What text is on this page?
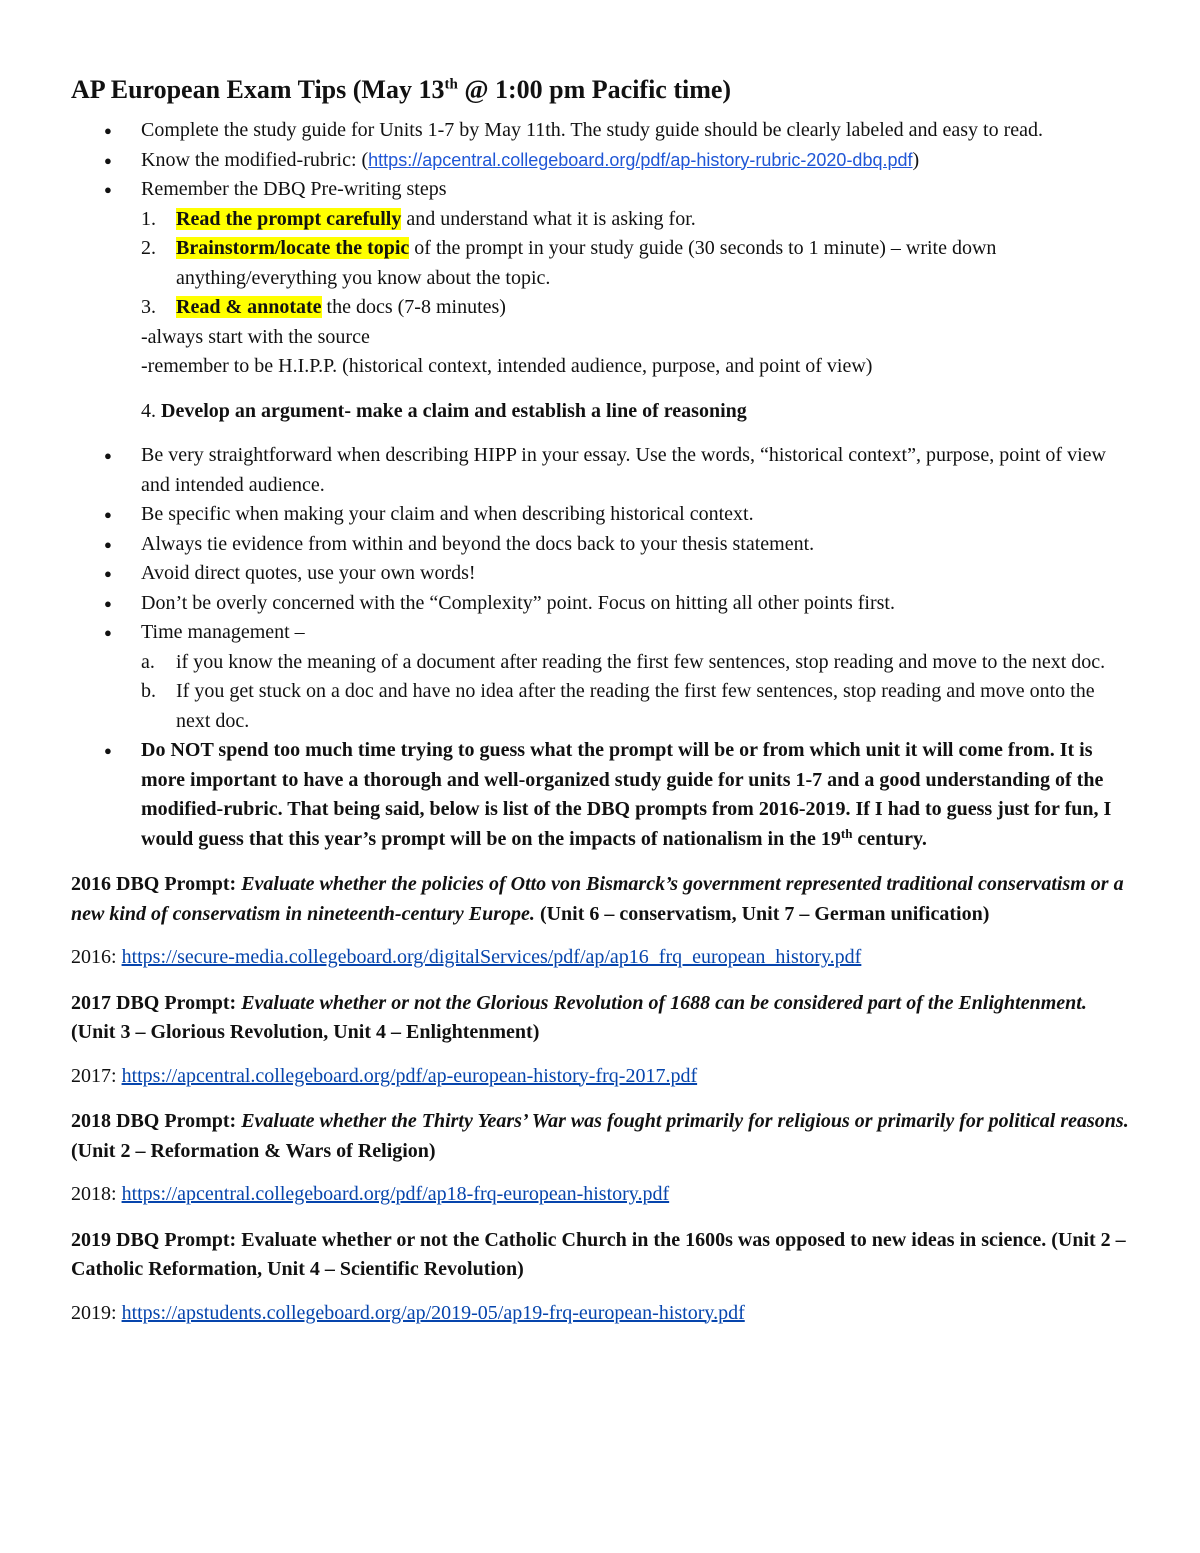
AP European Exam Tips (May 13th @ 1:00 pm Pacific time)
● Complete the study guide for Units 1-7 by May 11th. The study guide should be clearly labeled and easy to read.
● Know the modified-rubric: (https://apcentral.collegeboard.org/pdf/ap-history-rubric-2020-dbq.pdf)
● Remember the DBQ Pre-writing steps
1. Read the prompt carefully and understand what it is asking for.
2. Brainstorm/locate the topic of the prompt in your study guide (30 seconds to 1 minute) – write down anything/everything you know about the topic.
3. Read & annotate the docs (7-8 minutes)
-always start with the source
-remember to be H.I.P.P. (historical context, intended audience, purpose, and point of view)
4. Develop an argument- make a claim and establish a line of reasoning
● Be very straightforward when describing HIPP in your essay. Use the words, “historical context”, purpose, point of view and intended audience.
● Be specific when making your claim and when describing historical context.
● Always tie evidence from within and beyond the docs back to your thesis statement.
● Avoid direct quotes, use your own words!
● Don’t be overly concerned with the “Complexity” point. Focus on hitting all other points first.
● Time management –
a. if you know the meaning of a document after reading the first few sentences, stop reading and move to the next doc.
b. If you get stuck on a doc and have no idea after the reading the first few sentences, stop reading and move onto the next doc.
● Do NOT spend too much time trying to guess what the prompt will be or from which unit it will come from. It is more important to have a thorough and well-organized study guide for units 1-7 and a good understanding of the modified-rubric. That being said, below is list of the DBQ prompts from 2016-2019. If I had to guess just for fun, I would guess that this year’s prompt will be on the impacts of nationalism in the 19th century.
2016 DBQ Prompt: Evaluate whether the policies of Otto von Bismarck’s government represented traditional conservatism or a new kind of conservatism in nineteenth-century Europe. (Unit 6 – conservatism, Unit 7 – German unification)
2016: https://secure-media.collegeboard.org/digitalServices/pdf/ap/ap16_frq_european_history.pdf
2017 DBQ Prompt: Evaluate whether or not the Glorious Revolution of 1688 can be considered part of the Enlightenment. (Unit 3 – Glorious Revolution, Unit 4 – Enlightenment)
2017: https://apcentral.collegeboard.org/pdf/ap-european-history-frq-2017.pdf
2018 DBQ Prompt: Evaluate whether the Thirty Years’ War was fought primarily for religious or primarily for political reasons. (Unit 2 – Reformation & Wars of Religion)
2018: https://apcentral.collegeboard.org/pdf/ap18-frq-european-history.pdf
2019 DBQ Prompt: Evaluate whether or not the Catholic Church in the 1600s was opposed to new ideas in science. (Unit 2 – Catholic Reformation, Unit 4 – Scientific Revolution)
2019: https://apstudents.collegeboard.org/ap/2019-05/ap19-frq-european-history.pdf
